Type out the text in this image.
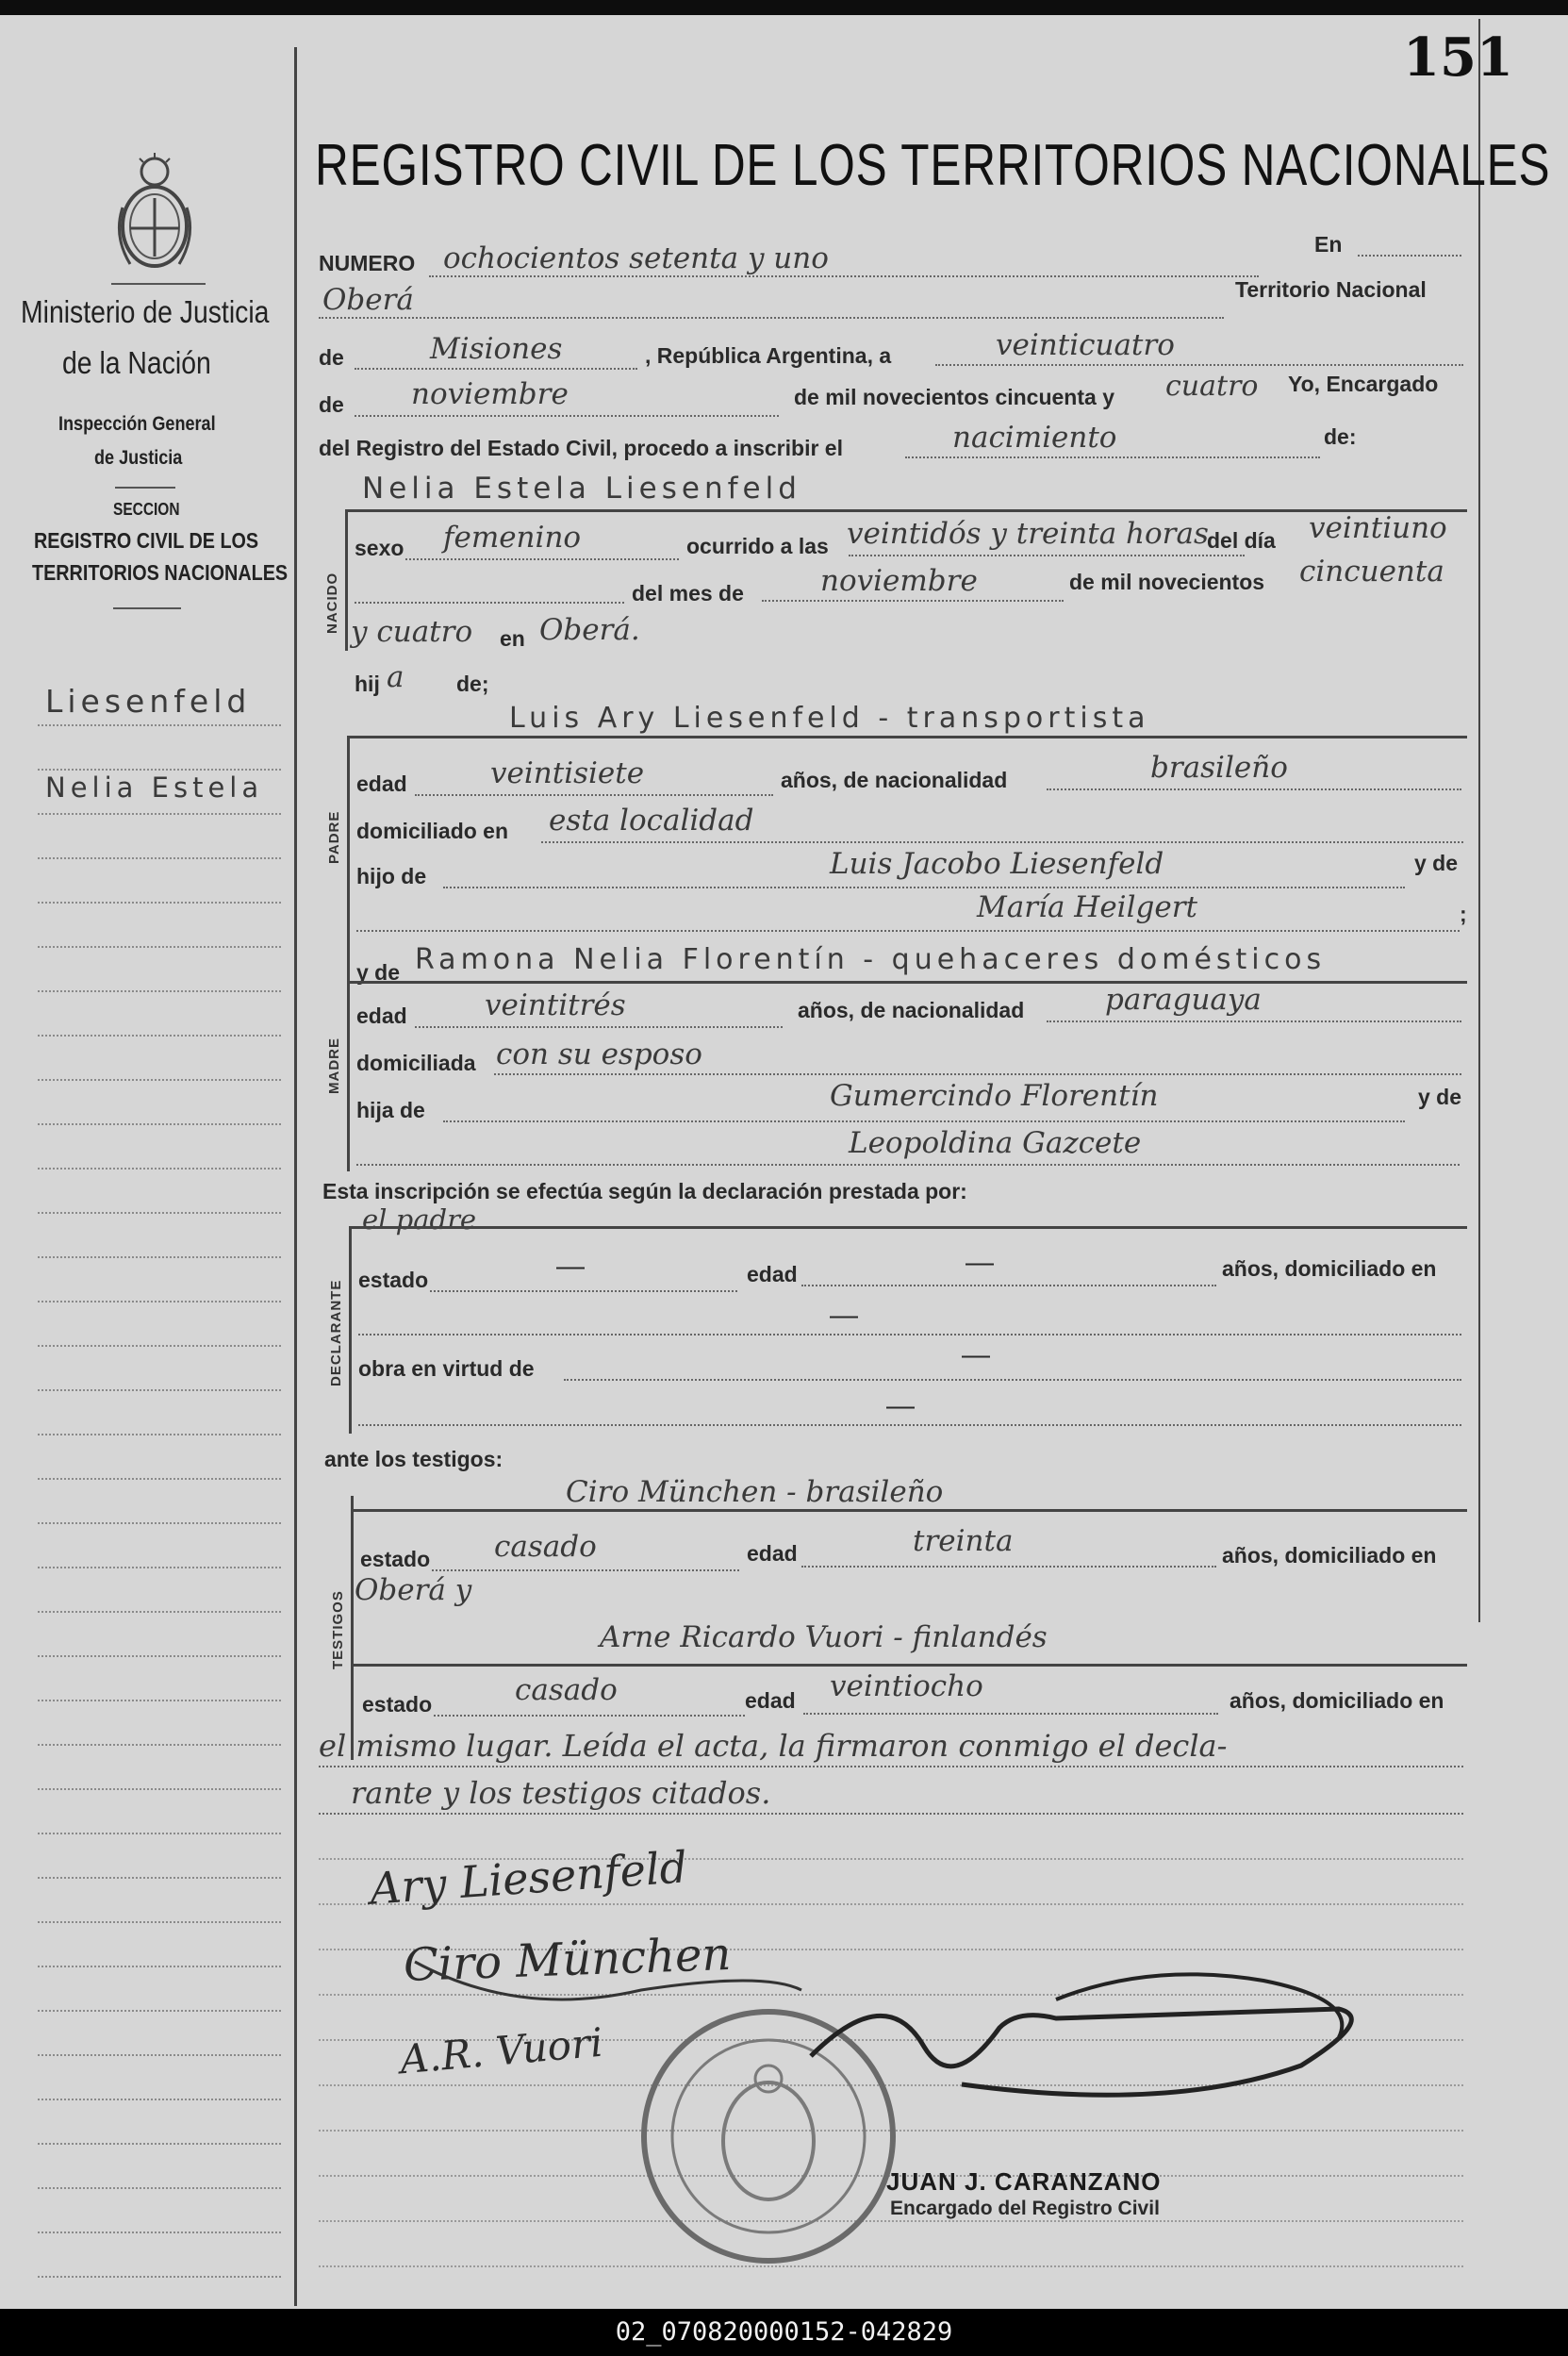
151
Ministerio de Justicia
de la Nación
Inspección General
de Justicia
SECCION
REGISTRO CIVIL DE LOS
TERRITORIOS NACIONALES
Liesenfeld
Nelia Estela
REGISTRO CIVIL DE LOS TERRITORIOS NACIONALES
NUMERO ochocientos setenta y uno	En
Oberá	Territorio Nacional
de	Misiones	, República Argentina, a	veinticuatro
de noviembre	de mil novecientos cincuenta y cuatro Yo, Encargado
del Registro del Estado Civil, procedo a inscribir el	nacimiento	de:
Nelia Estela Liesenfeld
NACIDO
sexo femenino	ocurrido a las veintidós y treinta horas
del día veintiuno
del mes de	noviembre	de mil novecientos cincuenta
y cuatro en Oberá.
hij a de;
Luis Ary Liesenfeld - transportista
PADRE
edad	veintisiete	años, de nacionalidad	brasileño
domiciliado en esta localidad
hijo de	Luis Jacobo Liesenfeld	y de
María Heilgert	;
y de Ramona Nelia Florentín - quehaceres domésticos
MADRE
edad	veintitrés	años, de nacionalidad	paraguaya
domiciliada con su esposo
hija de	Gumercindo Florentín	y de
Leopoldina Gazcete
Esta inscripción se efectúa según la declaración prestada por:
el padre
DECLARANTE estado	—	edad	—	años, domiciliado en
—
obra en virtud de	—
—
ante los testigos:
Ciro München - brasileño
TESTIGOS
estado casado	edad	treinta	años, domiciliado en
Oberá y
Arne Ricardo Vuori - finlandés
estado	casado	edad veintiocho	años, domiciliado en
el mismo lugar. Leída el acta, la firmaron conmigo el decla-
rante y los testigos citados.
Ary Liesenfeld
Ciro München
A.R. Vuori
JUAN J. CARANZANO
Encargado del Registro Civil
02_070820000152-042829
